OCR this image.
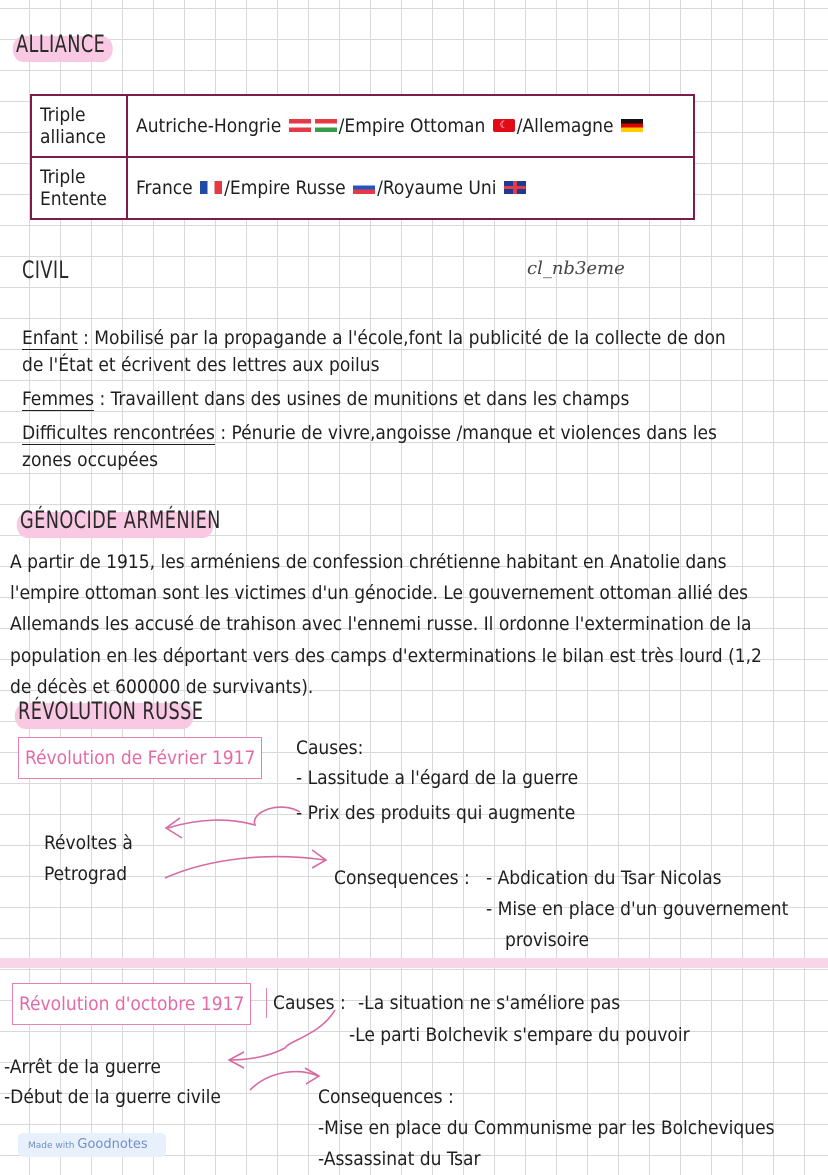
ALLIANCE
Triple
alliance	Autriche-Hongrie /Empire Ottoman ☾ /Allemagne
Triple
Entente	France /Empire Russe /Royaume Uni
CIVIL	cl_nb3eme
Enfant : Mobilisé par la propagande a l'école,font la publicité de la collecte de don
de l'État et écrivent des lettres aux poilus
Femmes : Travaillent dans des usines de munitions et dans les champs
Difficultes rencontrées : Pénurie de vivre,angoisse /manque et violences dans les
zones occupées
GÉNOCIDE ARMÉNIEN
A partir de 1915, les arméniens de confession chrétienne habitant en Anatolie dans
l'empire ottoman sont les victimes d'un génocide. Le gouvernement ottoman allié des
Allemands les accusé de trahison avec l'ennemi russe. Il ordonne l'extermination de la
population en les déportant vers des camps d'exterminations le bilan est très lourd (1,2
de décès et 600000 de survivants).
RÉVOLUTION RUSSE
Révolution de Février 1917	Causes:
- Lassitude a l'égard de la guerre
- Prix des produits qui augmente
Révoltes à
Petrograd	Consequences : - Abdication du Tsar Nicolas
- Mise en place d'un gouvernement
provisoire
Révolution d'octobre 1917	Causes : -La situation ne s'améliore pas
-Le parti Bolchevik s'empare du pouvoir
-Arrêt de la guerre
-Début de la guerre civile	Consequences :
-Mise en place du Communisme par les Bolcheviques
-Assassinat du Tsar
Made with Goodnotes
